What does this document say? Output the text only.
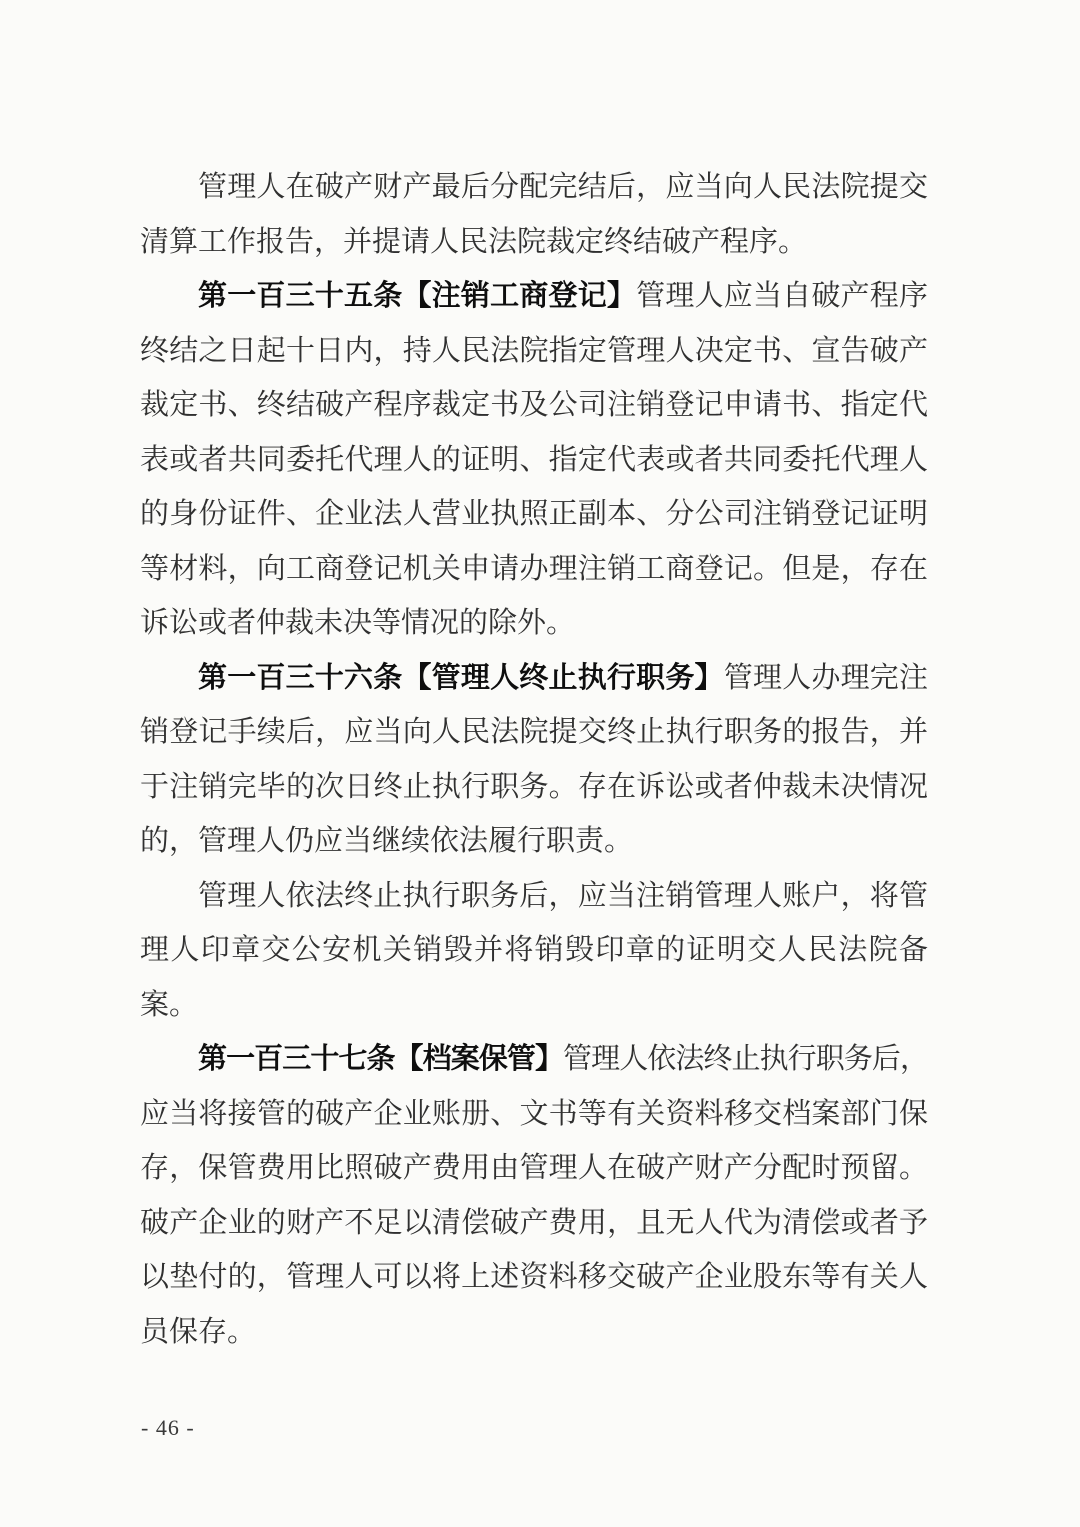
管理人在破产财产最后分配完结后，应当向人民法院提交
清算工作报告，并提请人民法院裁定终结破产程序。
第一百三十五条【注销工商登记】管理人应当自破产程序
终结之日起十日内，持人民法院指定管理人决定书、宣告破产
裁定书、终结破产程序裁定书及公司注销登记申请书、指定代
表或者共同委托代理人的证明、指定代表或者共同委托代理人
的身份证件、企业法人营业执照正副本、分公司注销登记证明
等材料，向工商登记机关申请办理注销工商登记。但是，存在
诉讼或者仲裁未决等情况的除外。
第一百三十六条【管理人终止执行职务】管理人办理完注
销登记手续后，应当向人民法院提交终止执行职务的报告，并
于注销完毕的次日终止执行职务。存在诉讼或者仲裁未决情况
的，管理人仍应当继续依法履行职责。
管理人依法终止执行职务后，应当注销管理人账户，将管
理人印章交公安机关销毁并将销毁印章的证明交人民法院备
案。
第一百三十七条【档案保管】管理人依法终止执行职务后，
应当将接管的破产企业账册、文书等有关资料移交档案部门保
存，保管费用比照破产费用由管理人在破产财产分配时预留。
破产企业的财产不足以清偿破产费用，且无人代为清偿或者予
以垫付的，管理人可以将上述资料移交破产企业股东等有关人
员保存。
- 46 -
